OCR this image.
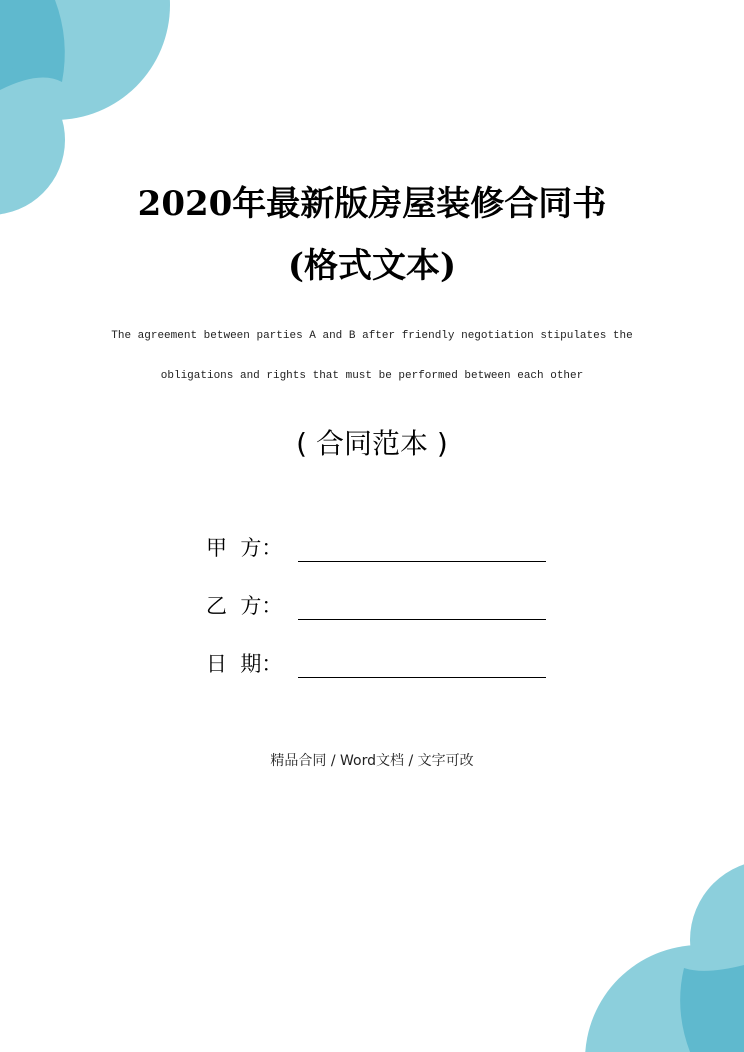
2020年最新版房屋装修合同书
(格式文本)
The agreement between parties A and B after friendly negotiation stipulates the
obligations and rights that must be performed between each other
( 合同范本 )
甲  方：
乙  方：
日  期：
精品合同 / Word文档 / 文字可改
